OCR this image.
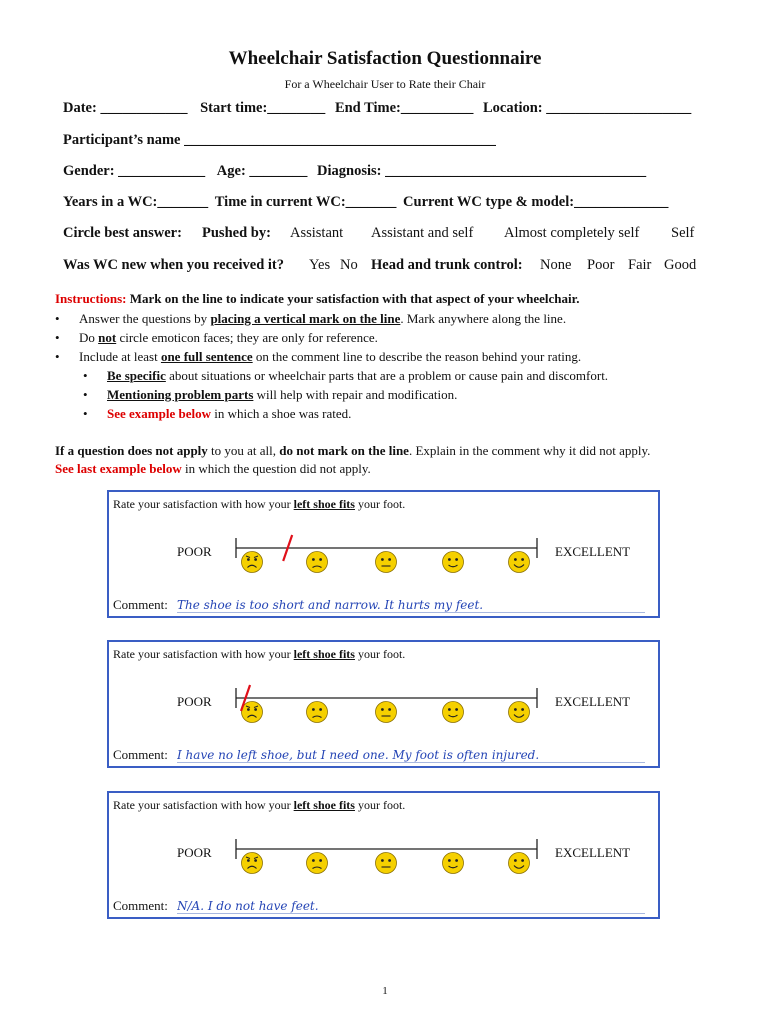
Wheelchair Satisfaction Questionnaire
For a Wheelchair User to Rate their Chair
Date: ____________ Start time:________ End Time:__________ Location: ____________________
Participant’s name ___________________________________________
Gender: ____________ Age: ________ Diagnosis: ____________________________________
Years in a WC:_______ Time in current WC:_______ Current WC type & model:_____________
Circle best answer: Pushed by: Assistant Assistant and self Almost completely self Self
Was WC new when you received it? Yes No Head and trunk control: None Poor Fair Good
Instructions: Mark on the line to indicate your satisfaction with that aspect of your wheelchair.
• Answer the questions by placing a vertical mark on the line. Mark anywhere along the line.
• Do not circle emoticon faces; they are only for reference.
• Include at least one full sentence on the comment line to describe the reason behind your rating.
• Be specific about situations or wheelchair parts that are a problem or cause pain and discomfort.
• Mentioning problem parts will help with repair and modification.
• See example below in which a shoe was rated.
If a question does not apply to you at all, do not mark on the line. Explain in the comment why it did not apply.
See last example below in which the question did not apply.
Rate your satisfaction with how your left shoe fits your foot.
POOR	EXCELLENT
Comment: The shoe is too short and narrow. It hurts my feet.
Rate your satisfaction with how your left shoe fits your foot.
POOR	EXCELLENT
Comment: I have no left shoe, but I need one. My foot is often injured.
Rate your satisfaction with how your left shoe fits your foot.
POOR	EXCELLENT
Comment: N/A. I do not have feet.
1
